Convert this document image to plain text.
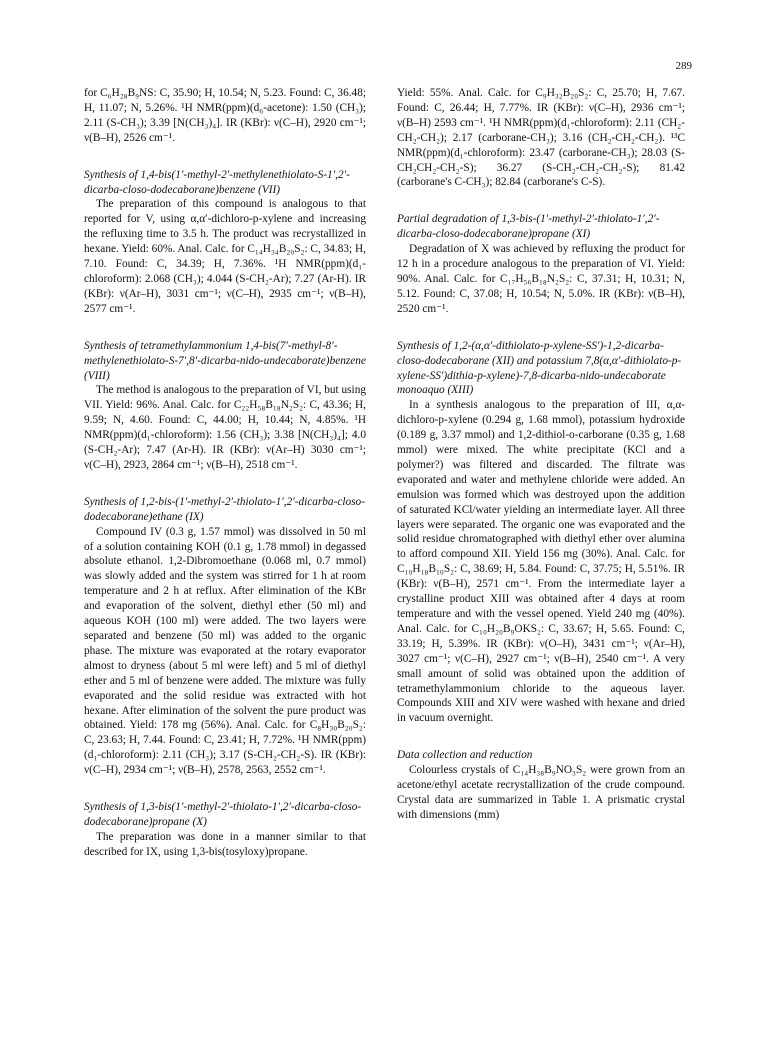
289

for C₆H₂₈B₉NS: C, 35.90; H, 10.54; N, 5.23. Found: C, 36.48; H, 11.07; N, 5.26%. ¹H NMR(ppm)(d₆-acetone): 1.50 (CH₃); 2.11 (S-CH₃); 3.39 [N(CH₃)₄]. IR (KBr): ν(C–H), 2920 cm⁻¹; ν(B–H), 2526 cm⁻¹.

Synthesis of 1,4-bis(1′-methyl-2′-methylenethiolato-S-1′,2′-dicarba-closo-dodecaborane)benzene (VII)

The preparation of this compound is analogous to that reported for V, using α,α′-dichloro-p-xylene and increasing the refluxing time to 3.5 h. The product was recrystallized in hexane. Yield: 60%. Anal. Calc. for C₁₄H₃₄B₂₀S₂: C, 34.83; H, 7.10. Found: C, 34.39; H, 7.36%. ¹H NMR(ppm)(d₁-chloroform): 2.068 (CH₃); 4.044 (S-CH₂-Ar); 7.27 (Ar-H). IR (KBr): ν(Ar–H), 3031 cm⁻¹; ν(C–H), 2935 cm⁻¹; ν(B–H), 2577 cm⁻¹.

Synthesis of tetramethylammonium 1,4-bis(7′-methyl-8′-methylenethiolato-S-7′,8′-dicarba-nido-undecaborate)benzene (VIII)

The method is analogous to the preparation of VI, but using VII. Yield: 96%. Anal. Calc. for C₂₂H₅₈B₁₈N₂S₂: C, 43.36; H, 9.59; N, 4.60. Found: C, 44.00; H, 10.44; N, 4.85%. ¹H NMR(ppm)(d₁-chloroform): 1.56 (CH₃); 3.38 [N(CH₃)₄]; 4.0 (S-CH₂-Ar); 7.47 (Ar-H). IR (KBr): ν(Ar–H) 3030 cm⁻¹; ν(C–H), 2923, 2864 cm⁻¹; ν(B–H), 2518 cm⁻¹.

Synthesis of 1,2-bis-(1′-methyl-2′-thiolato-1′,2′-dicarba-closo-dodecaborane)ethane (IX)

Compound IV (0.3 g, 1.57 mmol) was dissolved in 50 ml of a solution containing KOH (0.1 g, 1.78 mmol) in degassed absolute ethanol. 1,2-Dibromoethane (0.068 ml, 0.7 mmol) was slowly added and the system was stirred for 1 h at room temperature and 2 h at reflux. After elimination of the KBr and evaporation of the solvent, diethyl ether (50 ml) and aqueous KOH (100 ml) were added. The two layers were separated and benzene (50 ml) was added to the organic phase. The mixture was evaporated at the rotary evaporator almost to dryness (about 5 ml were left) and 5 ml of diethyl ether and 5 ml of benzene were added. The mixture was fully evaporated and the solid residue was extracted with hot hexane. After elimination of the solvent the pure product was obtained. Yield: 178 mg (56%). Anal. Calc. for C₈H₃₀B₂₀S₂: C, 23.63; H, 7.44. Found: C, 23.41; H, 7.72%. ¹H NMR(ppm)(d₁-chloroform): 2.11 (CH₃); 3.17 (S-CH₂-CH₂-S). IR (KBr): ν(C–H), 2934 cm⁻¹; ν(B–H), 2578, 2563, 2552 cm⁻¹.

Synthesis of 1,3-bis(1′-methyl-2′-thiolato-1′,2′-dicarba-closo-dodecaborane)propane (X)

The preparation was done in a manner similar to that described for IX, using 1,3-bis(tosyloxy)propane.

Yield: 55%. Anal. Calc. for C₉H₃₂B₂₀S₂: C, 25.70; H, 7.67. Found: C, 26.44; H, 7.77%. IR (KBr): ν(C–H), 2936 cm⁻¹; ν(B–H) 2593 cm⁻¹. ¹H NMR(ppm)(d₁-chloroform): 2.11 (CH₂-CH₂-CH₂); 2.17 (carborane-CH₃); 3.16 (CH₂-CH₂-CH₂). ¹³C NMR(ppm)(d₁-chloroform): 23.47 (carborane-CH₃); 28.03 (S-CH₂CH₂-CH₂-S); 36.27 (S-CH₂-CH₂-CH₂-S); 81.42 (carborane's C-CH₃); 82.84 (carborane's C-S).

Partial degradation of 1,3-bis-(1′-methyl-2′-thiolato-1′,2′-dicarba-closo-dodecaborane)propane (XI)

Degradation of X was achieved by refluxing the product for 12 h in a procedure analogous to the preparation of VI. Yield: 90%. Anal. Calc. for C₁₇H₅₆B₁₈N₂S₂: C, 37.31; H, 10.31; N, 5.12. Found: C, 37.08; H, 10.54; N, 5.0%. IR (KBr): ν(B–H), 2520 cm⁻¹.

Synthesis of 1,2-(α,α′-dithiolato-p-xylene-SS′)-1,2-dicarba-closo-dodecaborane (XII) and potassium 7,8(α,α′-dithiolato-p-xylene-SS′)dithia-p-xylene)-7,8-dicarba-nido-undecaborate monoaquo (XIII)

In a synthesis analogous to the preparation of III, α,α-dichloro-p-xylene (0.294 g, 1.68 mmol), potassium hydroxide (0.189 g, 3.37 mmol) and 1,2-dithiol-o-carborane (0.35 g, 1.68 mmol) were mixed. The white precipitate (KCl and a polymer?) was filtered and discarded. The filtrate was evaporated and water and methylene chloride were added. An emulsion was formed which was destroyed upon the addition of saturated KCl/water yielding an intermediate layer. All three layers were separated. The organic one was evaporated and the solid residue chromatographed with diethyl ether over alumina to afford compound XII. Yield 156 mg (30%). Anal. Calc. for C₁₀H₁₈B₁₀S₂: C, 38.69; H, 5.84. Found: C, 37.75; H, 5.51%. IR (KBr): ν(B–H), 2571 cm⁻¹. From the intermediate layer a crystalline product XIII was obtained after 4 days at room temperature and with the vessel opened. Yield 240 mg (40%). Anal. Calc. for C₁₀H₂₀B₉OKS₂: C, 33.67; H, 5.65. Found: C, 33.19; H, 5.39%. IR (KBr): ν(O–H), 3431 cm⁻¹; ν(Ar–H), 3027 cm⁻¹; ν(C–H), 2927 cm⁻¹; ν(B–H), 2540 cm⁻¹. A very small amount of solid was obtained upon the addition of tetramethylammonium chloride to the aqueous layer. Compounds XIII and XIV were washed with hexane and dried in vacuum overnight.

Data collection and reduction

Colourless crystals of C₁₄H₃₈B₉NO₃S₂ were grown from an acetone/ethyl acetate recrystallization of the crude compound. Crystal data are summarized in Table 1. A prismatic crystal with dimensions (mm)
